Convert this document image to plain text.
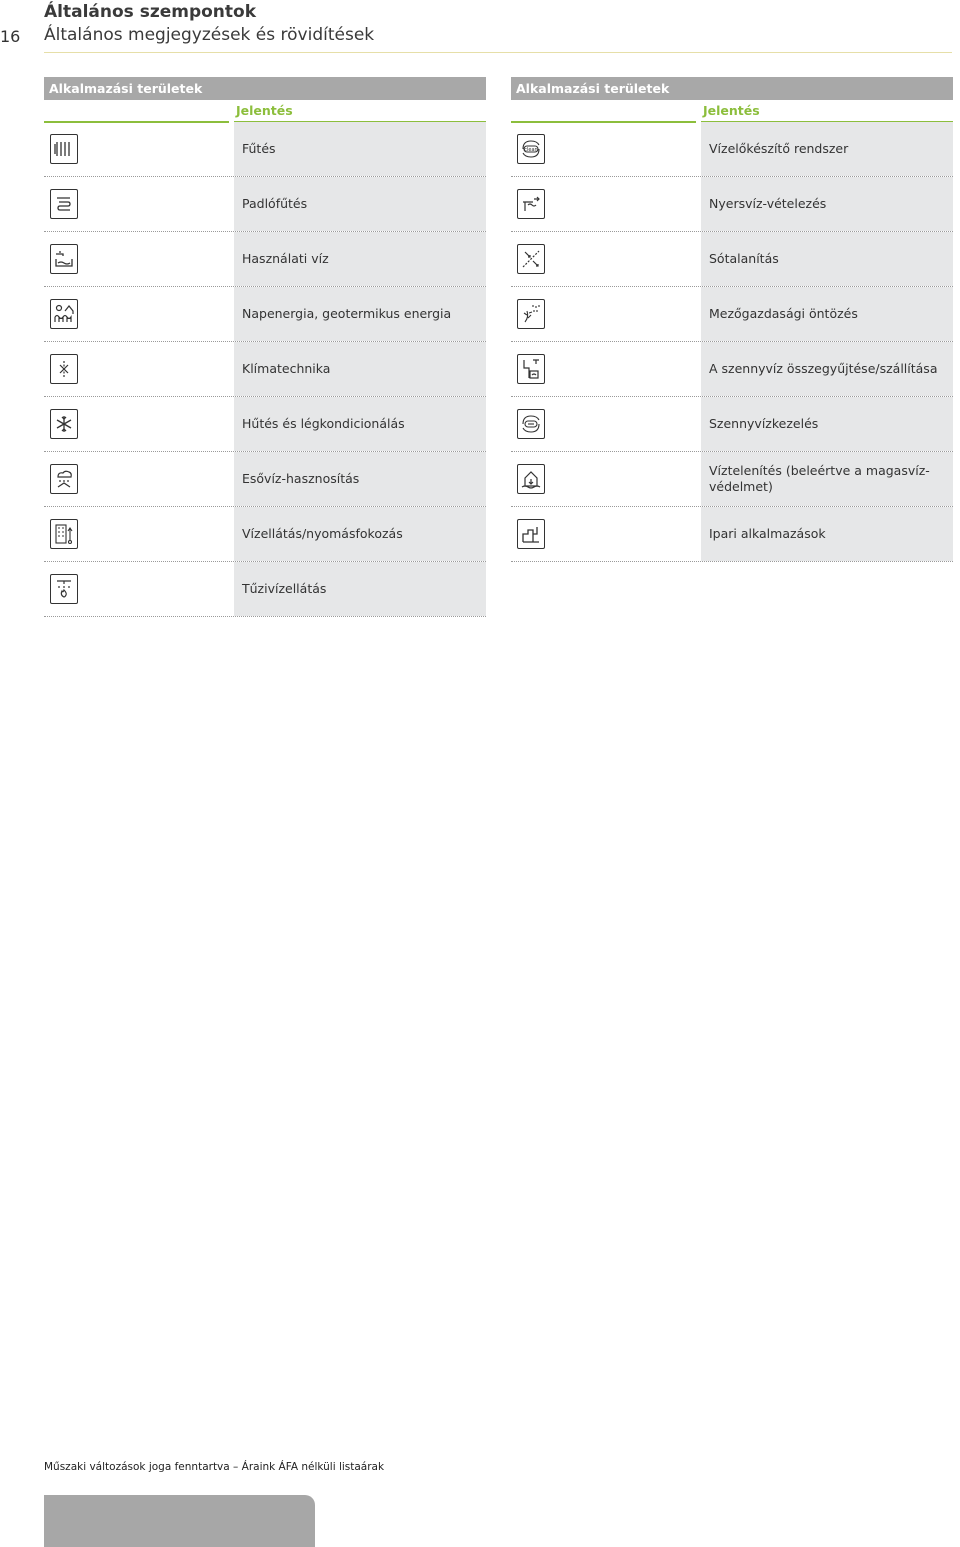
16
Általános szempontok
Általános megjegyzések és rövidítések
Alkalmazási területek
Jelentés
Fűtés
Padlófűtés
Használati víz
Napenergia, geotermikus energia
Klímatechnika
Hűtés és légkondicionálás
Esővíz-hasznosítás
Vízellátás/nyomásfokozás
Tűzivízellátás
Alkalmazási területek
Jelentés
clean	Vízelőkészítő rendszer
Nyersvíz-vételezés
Sótalanítás
Mezőgazdasági öntözés
A szennyvíz összegyűjtése/szállítása
Szennyvízkezelés
Víztelenítés (beleértve a magasvíz-védelmet)
Ipari alkalmazások
Műszaki változások joga fenntartva – Áraink ÁFA nélküli listaárak
